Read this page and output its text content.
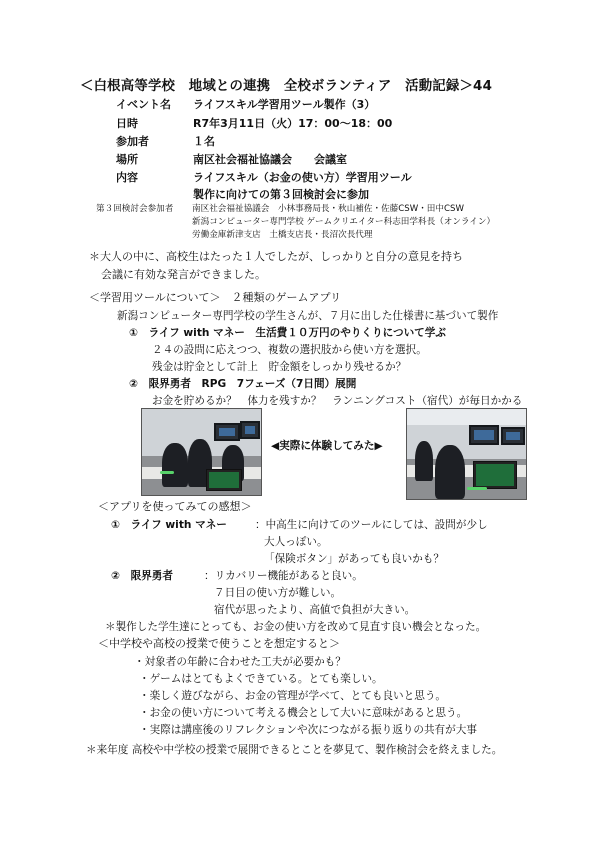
＜白根高等学校　地域との連携　全校ボランティア　活動記録＞44
イベント名 ライフスキル学習用ツール製作（3）
日時	R7年3月11日（火）17：00～18：00
参加者	１名
場所	南区社会福祉協議会　　会議室
内容	ライフスキル（お金の使い方）学習用ツール
製作に向けての第３回検討会に参加
第３回検討会参加者 南区社会福祉協議会　小林事務局長・秋山補佐・佐藤CSW・田中CSW
新潟コンピューター専門学校 ゲームクリエイター科志田学科長（オンライン）
労働金庫新津支店　土橋支店長・長沼次長代理
＊大人の中に、高校生はたった１人でしたが、しっかりと自分の意見を持ち
会議に有効な発言ができました。
＜学習用ツールについて＞　２種類のゲームアプリ
新潟コンピューター専門学校の学生さんが、７月に出した仕様書に基づいて製作
①　ライフ with マネー　生活費１０万円のやりくりについて学ぶ
２４の設問に応えつつ、複数の選択肢から使い方を選択。
残金は貯金として計上　貯金額をしっかり残せるか？
②　限界勇者　RPG　7フェーズ（7日間）展開
お金を貯めるか？　体力を残すか？　ランニングコスト（宿代）が毎日かかる
◀実際に体験してみた▶
＜アプリを使ってみての感想＞
①　ライフ with マネー	：中高生に向けてのツールにしては、設問が少し
大人っぽい。
「保険ボタン」があっても良いかも？
②　限界勇者	：リカバリー機能があると良い。
７日目の使い方が難しい。
宿代が思ったより、高値で負担が大きい。
＊製作した学生達にとっても、お金の使い方を改めて見直す良い機会となった。
＜中学校や高校の授業で使うことを想定すると＞
・対象者の年齢に合わせた工夫が必要かも？
・ゲームはとてもよくできている。とても楽しい。
・楽しく遊びながら、お金の管理が学べて、とても良いと思う。
・お金の使い方について考える機会として大いに意味があると思う。
・実際は講座後のリフレクションや次につながる振り返りの共有が大事
＊来年度 高校や中学校の授業で展開できるとことを夢見て、製作検討会を終えました。
